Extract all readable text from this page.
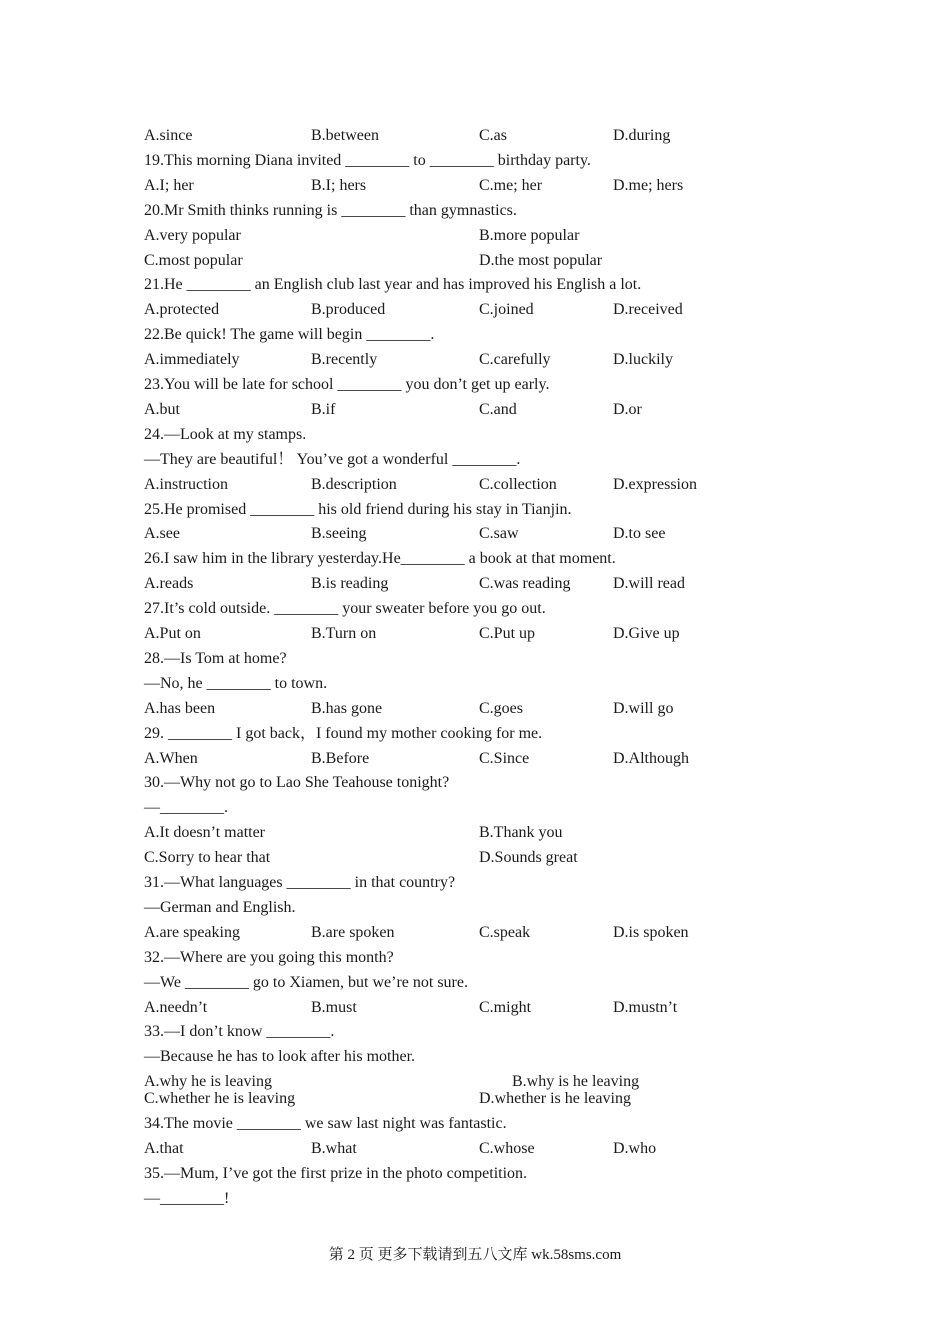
A.since	B.between	C.as	D.during
19.This morning Diana invited ________ to ________ birthday party.
A.I; her	B.I; hers	C.me; her	D.me; hers
20.Mr Smith thinks running is ________ than gymnastics.
A.very popular	B.more popular
C.most popular	D.the most popular
21.He ________ an English club last year and has improved his English a lot.
A.protected	B.produced	C.joined	D.received
22.Be quick! The game will begin ________.
A.immediately	B.recently	C.carefully	D.luckily
23.You will be late for school ________ you don’t get up early.
A.but	B.if	C.and	D.or
24.—Look at my stamps.
—They are beautiful！ You’ve got a wonderful ________.
A.instruction	B.description	C.collection	D.expression
25.He promised ________ his old friend during his stay in Tianjin.
A.see	B.seeing	C.saw	D.to see
26.I saw him in the library yesterday.He________ a book at that moment.
A.reads	B.is reading	C.was reading	D.will read
27.It’s cold outside. ________ your sweater before you go out.
A.Put on	B.Turn on	C.Put up	D.Give up
28.—Is Tom at home?
—No, he ________ to town.
A.has been	B.has gone	C.goes	D.will go
29. ________ I got back，I found my mother cooking for me.
A.When	B.Before	C.Since	D.Although
30.—Why not go to Lao She Teahouse tonight?
—________.
A.It doesn’t matter	B.Thank you
C.Sorry to hear that	D.Sounds great
31.—What languages ________ in that country?
—German and English.
A.are speaking	B.are spoken	C.speak	D.is spoken
32.—Where are you going this month?
—We ________ go to Xiamen, but we’re not sure.
A.needn’t	B.must	C.might	D.mustn’t
33.—I don’t know ________.
—Because he has to look after his mother.
A.why he is leaving	B.why is he leaving
C.whether he is leaving	D.whether is he leaving
34.The movie ________ we saw last night was fantastic.
A.that	B.what	C.whose	D.who
35.—Mum, I’ve got the first prize in the photo competition.
—________!
第 2 页 更多下载请到五八文库 wk.58sms.com
